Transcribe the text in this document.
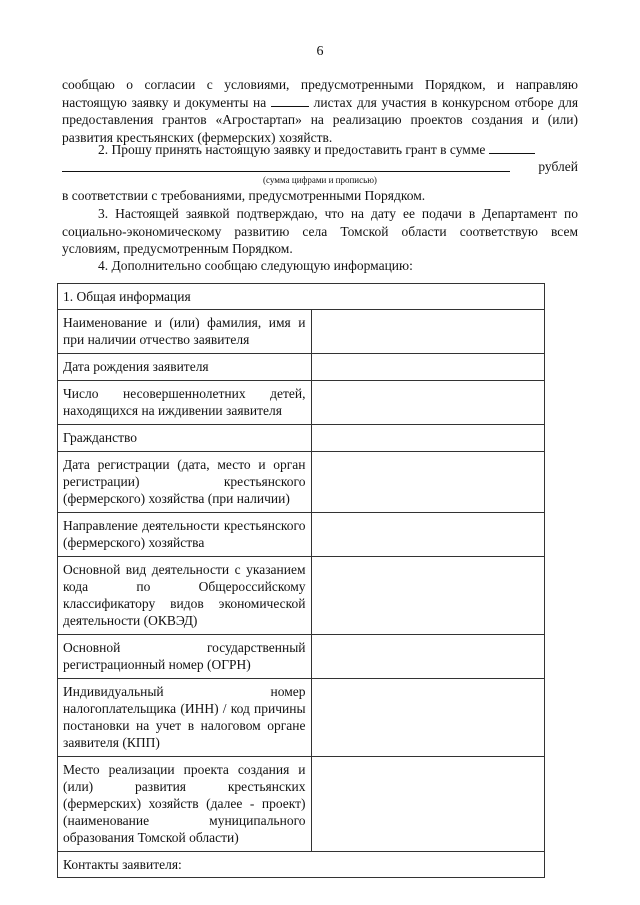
6
сообщаю о согласии с условиями, предусмотренными Порядком, и направляю
настоящую заявку и документы на	листах для участия в конкурсном отборе для
предоставления грантов «Агростартап» на реализацию проектов создания и (или)
развития крестьянских (фермерских) хозяйств.
2. Прошу принять настоящую заявку и предоставить грант в сумме
рублей
(сумма цифрами и прописью)
в соответствии с требованиями, предусмотренными Порядком.
3. Настоящей заявкой подтверждаю, что на дату ее подачи в Департамент по
социально-экономическому развитию села Томской области соответствую всем
условиям, предусмотренным Порядком.
4. Дополнительно сообщаю следующую информацию:
1. Общая информация	
Наименование и (или) фамилия, имя и при наличии отчество заявителя	
Дата рождения заявителя	
Число несовершеннолетних детей, находящихся на иждивении заявителя	
Гражданство	
Дата регистрации (дата, место и орган регистрации) крестьянского (фермерского) хозяйства (при наличии)	
Направление деятельности крестьянского (фермерского) хозяйства	
Основной вид деятельности с указанием кода по Общероссийскому классификатору видов экономической деятельности (ОКВЭД)	
Основной государственный регистрационный номер (ОГРН)	
Индивидуальный номер налогоплательщика (ИНН) / код причины постановки на учет в налоговом органе заявителя (КПП)	
Место реализации проекта создания и (или) развития крестьянских (фермерских) хозяйств (далее - проект) (наименование муниципального образования Томской области)	
Контакты заявителя:	
